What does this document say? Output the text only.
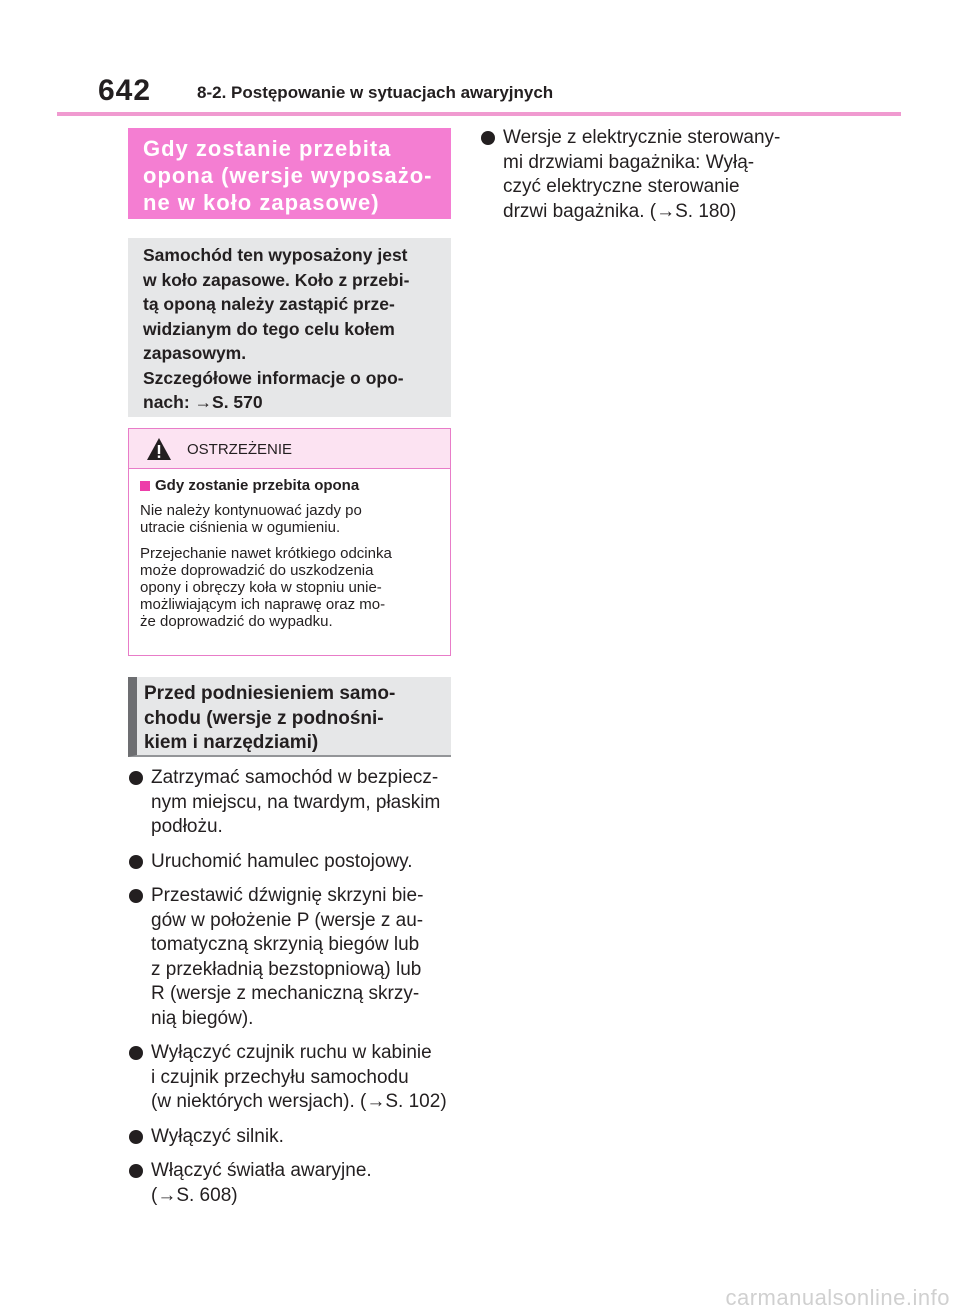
642	8-2. Postępowanie w sytuacjach awaryjnych
Gdy zostanie przebita
opona (wersje wyposażo-
ne w koło zapasowe)
Samochód ten wyposażony jest
w koło zapasowe. Koło z przebi-
tą oponą należy zastąpić prze-
widzianym do tego celu kołem
zapasowym.
Szczegółowe informacje o opo-
nach: →S. 570
OSTRZEŻENIE
Gdy zostanie przebita opona
Nie należy kontynuować jazdy po
utracie ciśnienia w ogumieniu.
Przejechanie nawet krótkiego odcinka
może doprowadzić do uszkodzenia
opony i obręczy koła w stopniu unie-
możliwiającym ich naprawę oraz mo-
że doprowadzić do wypadku.
Przed podniesieniem samo-
chodu (wersje z podnośni-
kiem i narzędziami)
Zatrzymać samochód w bezpiecz-
nym miejscu, na twardym, płaskim
podłożu.
Uruchomić hamulec postojowy.
Przestawić dźwignię skrzyni bie-
gów w położenie P (wersje z au-
tomatyczną skrzynią biegów lub
z przekładnią bezstopniową) lub
R (wersje z mechaniczną skrzy-
nią biegów).
Wyłączyć czujnik ruchu w kabinie
i czujnik przechyłu samochodu
(w niektórych wersjach). (→S. 102)
Wyłączyć silnik.
Włączyć światła awaryjne.
(→S. 608)
Wersje z elektrycznie sterowany-
mi drzwiami bagażnika: Wyłą-
czyć elektryczne sterowanie
drzwi bagażnika. (→S. 180)
carmanualsonline.info
